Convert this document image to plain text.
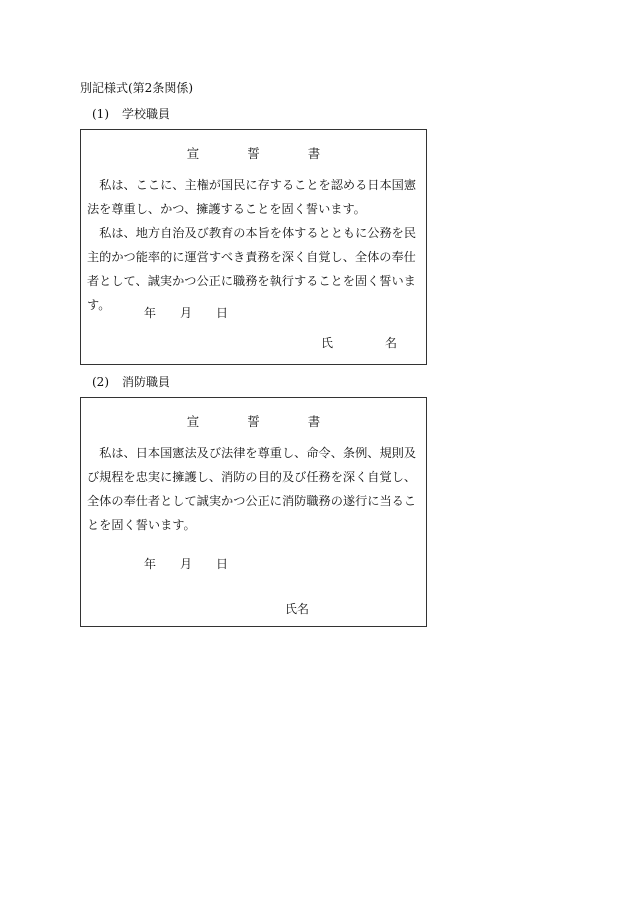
別記様式(第2条関係)
(1) 学校職員
宣 誓 書

私は、ここに、主権が国民に存することを認める日本国憲法を尊重し、かつ、擁護することを固く誓います。

私は、地方自治及び教育の本旨を体するとともに公務を民主的かつ能率的に運営すべき責務を深く自覚し、全体の奉仕者として、誠実かつ公正に職務を執行することを固く誓います。

年 月 日
氏名
(2) 消防職員
宣 誓 書

私は、日本国憲法及び法律を尊重し、命令、条例、規則及び規程を忠実に擁護し、消防の目的及び任務を深く自覚し、全体の奉仕者として誠実かつ公正に消防職務の遂行に当ることを固く誓います。

年 月 日
氏名
